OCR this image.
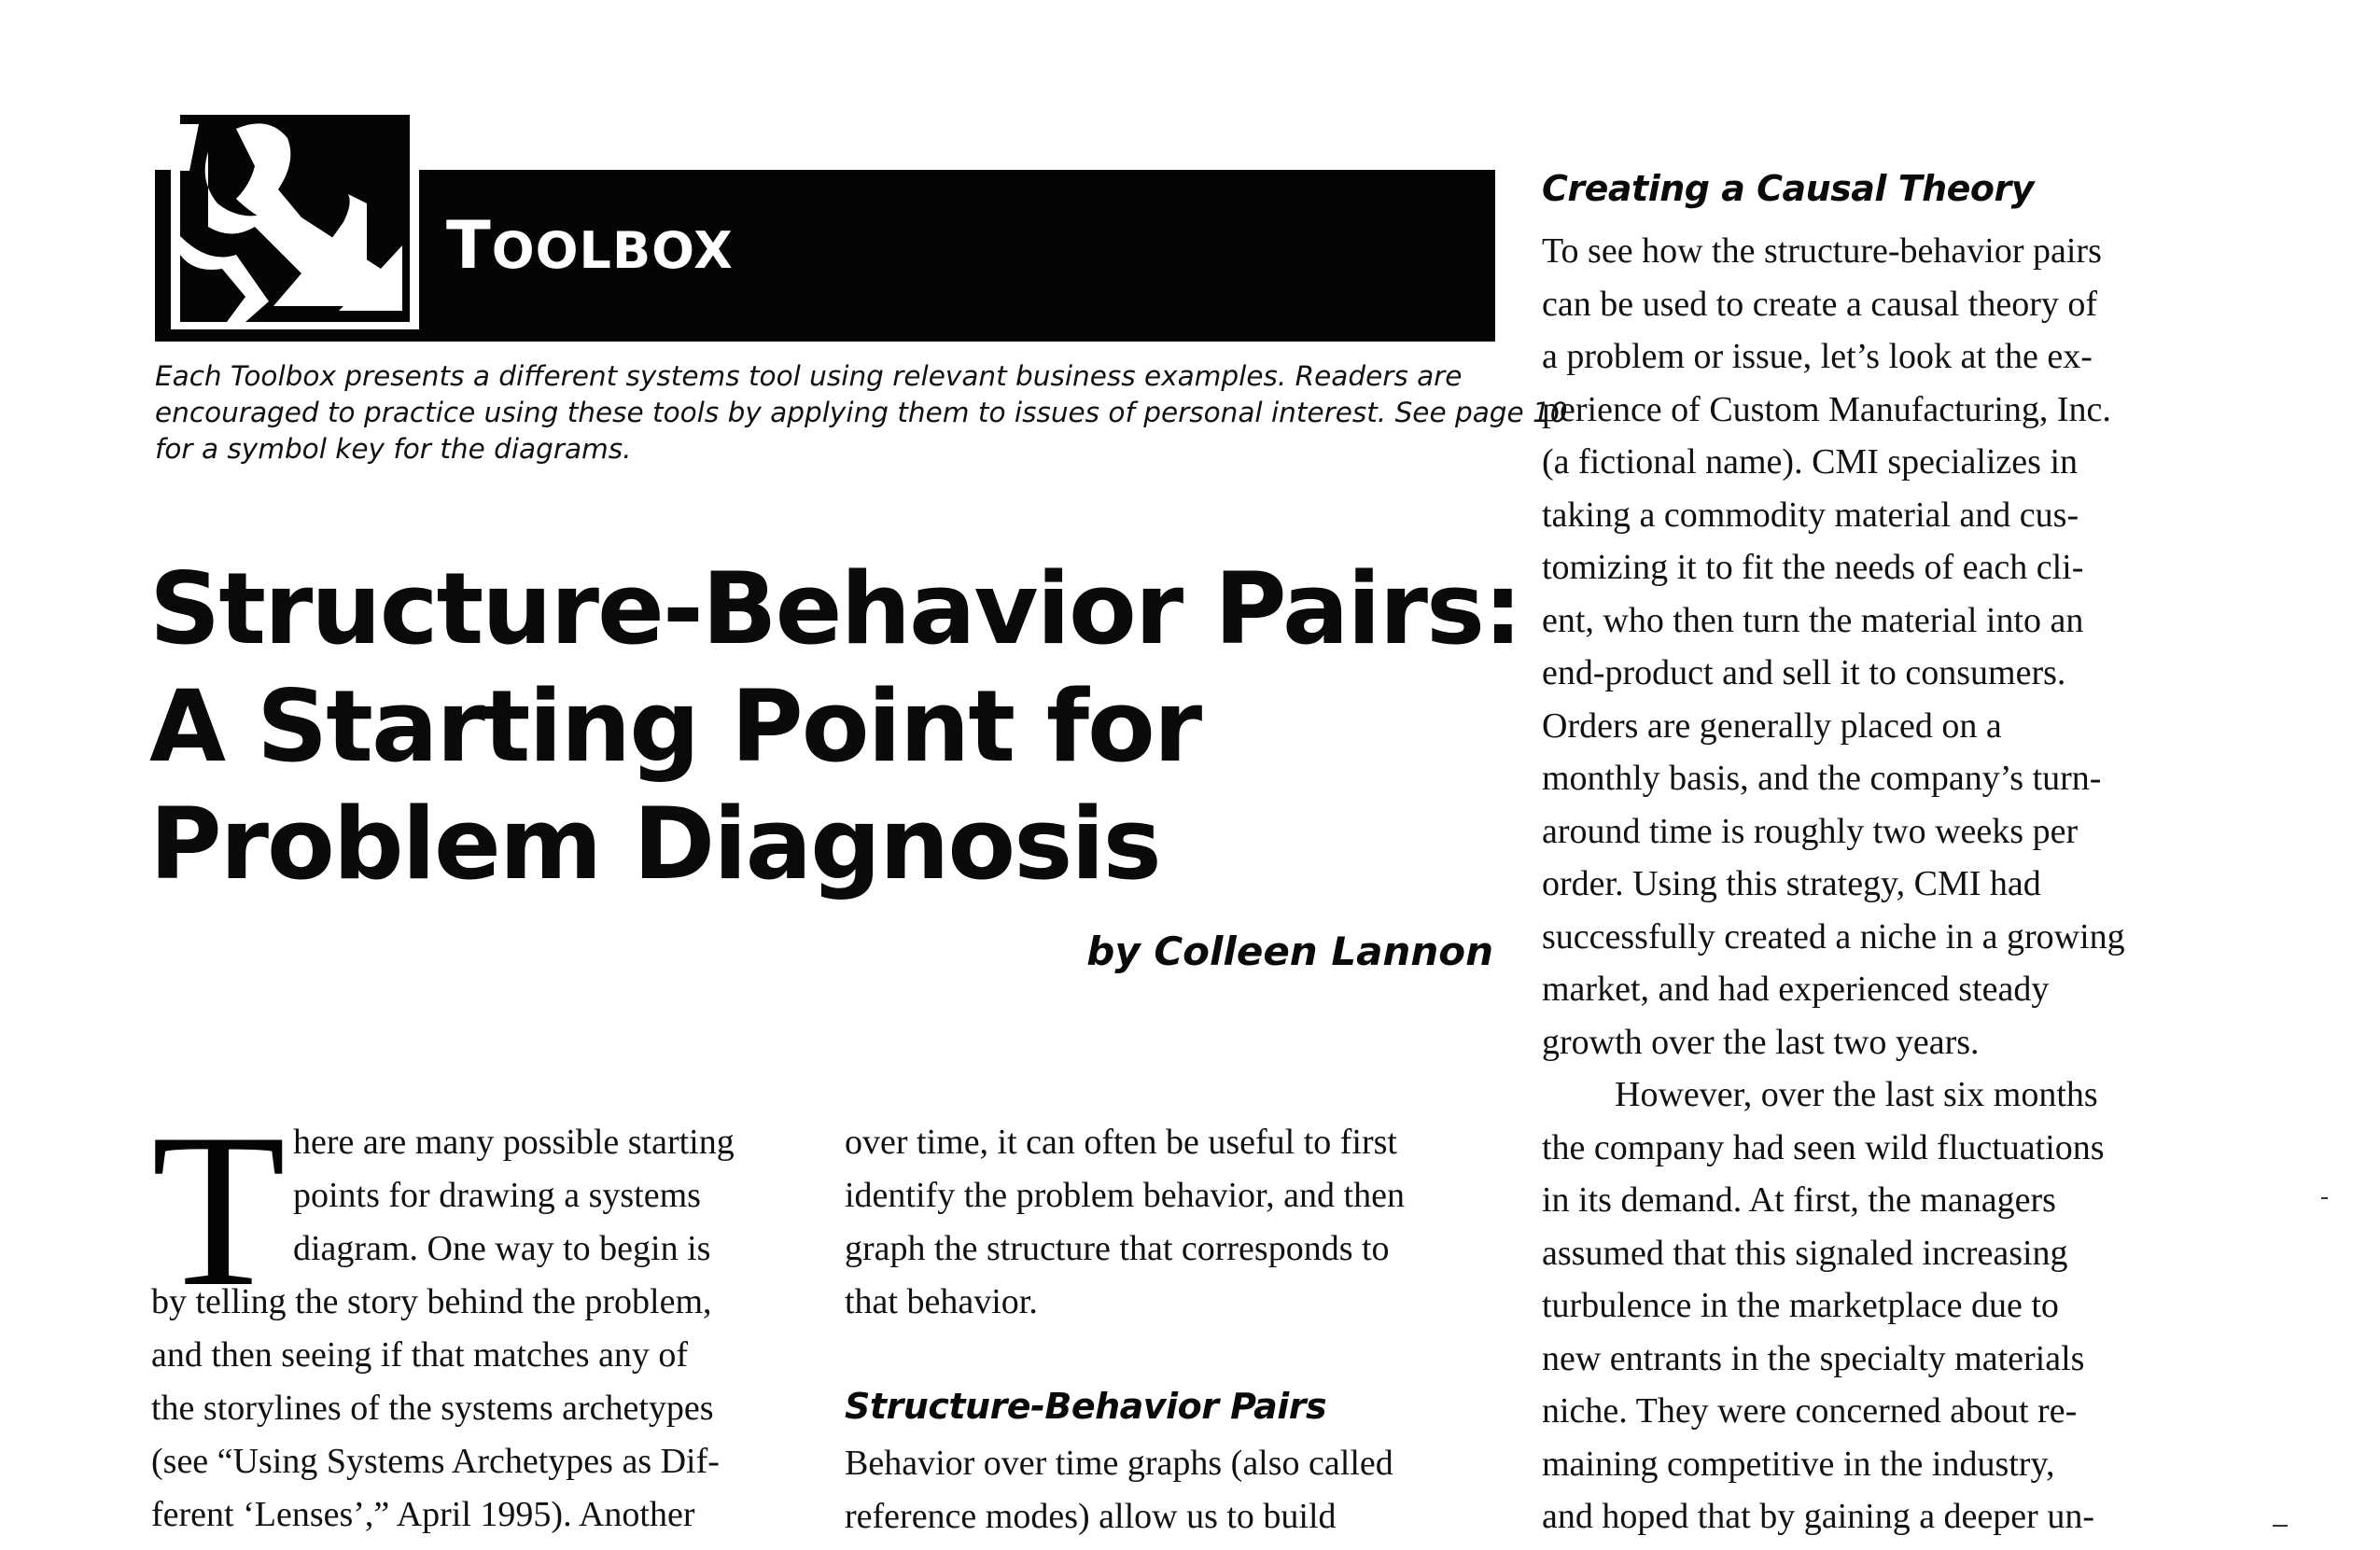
TOOLBOX
Each Toolbox presents a different systems tool using relevant business examples. Readers are
encouraged to practice using these tools by applying them to issues of personal interest. See page 10
for a symbol key for the diagrams.
Structure-Behavior Pairs:
A Starting Point for
Problem Diagnosis
by Colleen Lannon
T here are many possible starting
points for drawing a systems
diagram. One way to begin is
by telling the story behind the problem,
and then seeing if that matches any of
the storylines of the systems archetypes
(see “Using Systems Archetypes as Dif-
ferent ‘Lenses’,” April 1995). Another
over time, it can often be useful to first
identify the problem behavior, and then
graph the structure that corresponds to
that behavior.
Structure-Behavior Pairs
Behavior over time graphs (also called
reference modes) allow us to build
Creating a Causal Theory
To see how the structure-behavior pairs
can be used to create a causal theory of
a problem or issue, let’s look at the ex-
perience of Custom Manufacturing, Inc.
(a fictional name). CMI specializes in
taking a commodity material and cus-
tomizing it to fit the needs of each cli-
ent, who then turn the material into an
end-product and sell it to consumers.
Orders are generally placed on a
monthly basis, and the company’s turn-
around time is roughly two weeks per
order. Using this strategy, CMI had
successfully created a niche in a growing
market, and had experienced steady
growth over the last two years.
However, over the last six months
the company had seen wild fluctuations
in its demand. At first, the managers
assumed that this signaled increasing
turbulence in the marketplace due to
new entrants in the specialty materials
niche. They were concerned about re-
maining competitive in the industry,
and hoped that by gaining a deeper un-
